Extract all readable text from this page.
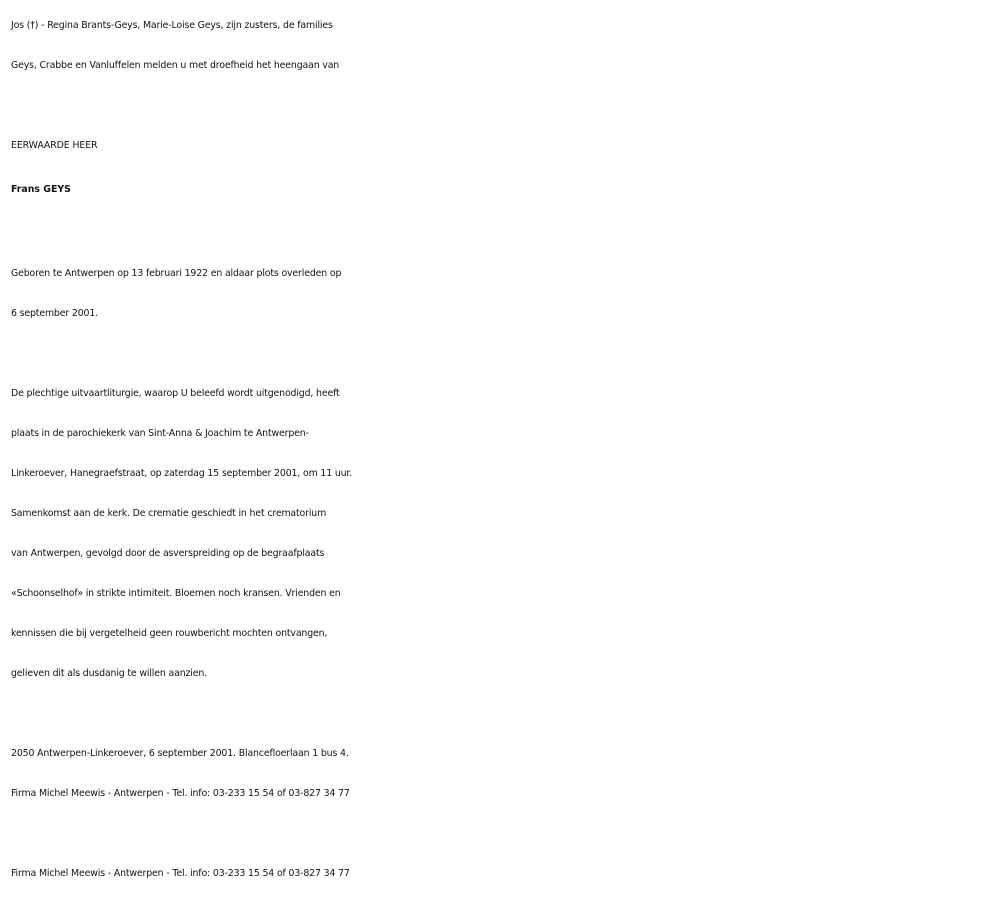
Jos (†) - Regina Brants-Geys, Marie-Loise Geys, zijn zusters, de families
Geys, Crabbe en Vanluffelen melden u met droefheid het heengaan van
EERWAARDE HEER
Frans GEYS
Geboren te Antwerpen op 13 februari 1922 en aldaar plots overleden op
6 september 2001.
De plechtige uitvaartliturgie, waarop U beleefd wordt uitgenodigd, heeft
plaats in de parochiekerk van Sint-Anna & Joachim te Antwerpen-
Linkeroever, Hanegraefstraat, op zaterdag 15 september 2001, om 11 uur.
Samenkomst aan de kerk. De crematie geschiedt in het crematorium
van Antwerpen, gevolgd door de asverspreiding op de begraafplaats
«Schoonselhof» in strikte intimiteit. Bloemen noch kransen. Vrienden en
kennissen die bij vergetelheid geen rouwbericht mochten ontvangen,
gelieven dit als dusdanig te willen aanzien.
2050 Antwerpen-Linkeroever, 6 september 2001. Blancefloerlaan 1 bus 4.
Firma Michel Meewis - Antwerpen - Tel. info: 03-233 15 54 of 03-827 34 77
Firma Michel Meewis - Antwerpen - Tel. info: 03-233 15 54 of 03-827 34 77
